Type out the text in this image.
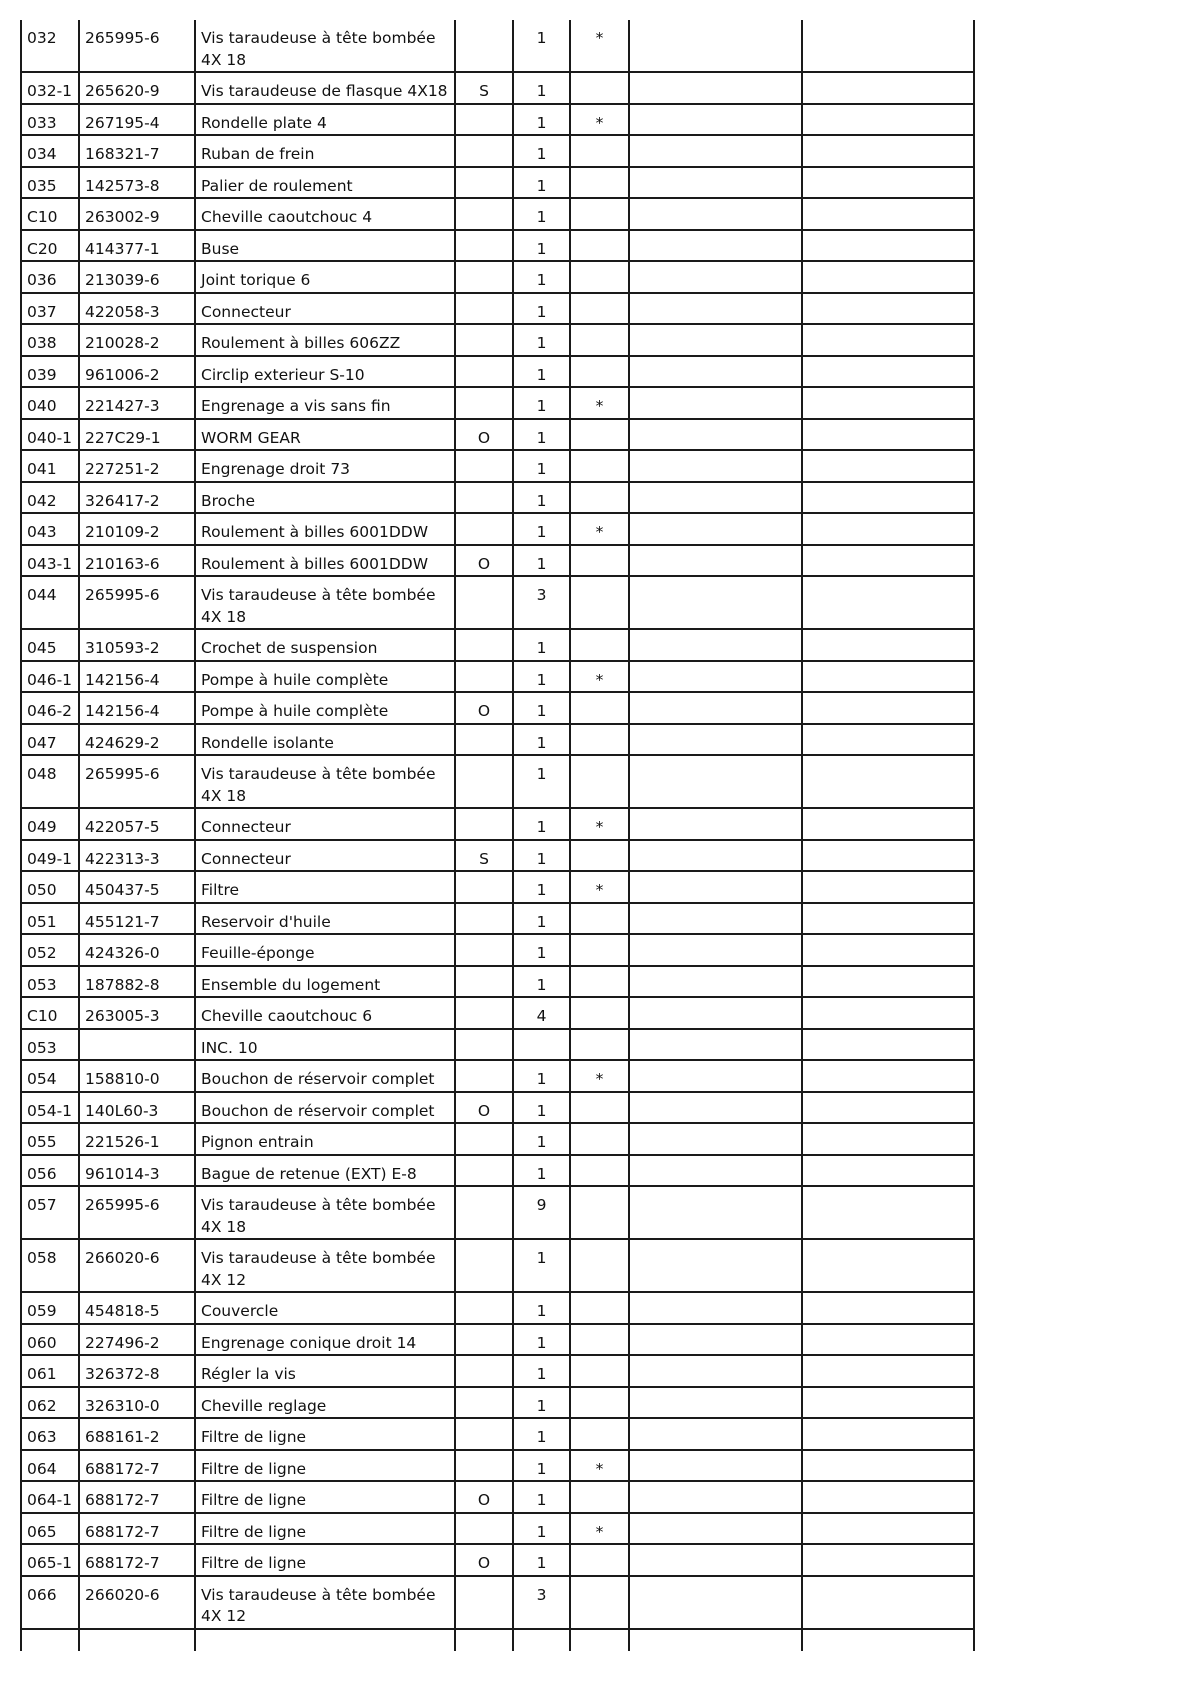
032	265995-6	Vis taraudeuse à tête bombée 4X 18		1	*		
032-1	265620-9	Vis taraudeuse de flasque 4X18	S	1			
033	267195-4	Rondelle plate 4		1	*		
034	168321-7	Ruban de frein		1			
035	142573-8	Palier de roulement		1			
C10	263002-9	Cheville caoutchouc 4		1			
C20	414377-1	Buse		1			
036	213039-6	Joint torique 6		1			
037	422058-3	Connecteur		1			
038	210028-2	Roulement à billes 606ZZ		1			
039	961006-2	Circlip exterieur S-10		1			
040	221427-3	Engrenage a vis sans fin		1	*		
040-1	227C29-1	WORM GEAR	O	1			
041	227251-2	Engrenage droit 73		1			
042	326417-2	Broche		1			
043	210109-2	Roulement à billes 6001DDW		1	*		
043-1	210163-6	Roulement à billes 6001DDW	O	1			
044	265995-6	Vis taraudeuse à tête bombée 4X 18		3			
045	310593-2	Crochet de suspension		1			
046-1	142156-4	Pompe à huile complète		1	*		
046-2	142156-4	Pompe à huile complète	O	1			
047	424629-2	Rondelle isolante		1			
048	265995-6	Vis taraudeuse à tête bombée 4X 18		1			
049	422057-5	Connecteur		1	*		
049-1	422313-3	Connecteur	S	1			
050	450437-5	Filtre		1	*		
051	455121-7	Reservoir d'huile		1			
052	424326-0	Feuille-éponge		1			
053	187882-8	Ensemble du logement		1			
C10	263005-3	Cheville caoutchouc 6		4			
053		INC. 10					
054	158810-0	Bouchon de réservoir complet		1	*		
054-1	140L60-3	Bouchon de réservoir complet	O	1			
055	221526-1	Pignon entrain		1			
056	961014-3	Bague de retenue (EXT) E-8		1			
057	265995-6	Vis taraudeuse à tête bombée 4X 18		9			
058	266020-6	Vis taraudeuse à tête bombée 4X 12		1			
059	454818-5	Couvercle		1			
060	227496-2	Engrenage conique droit 14		1			
061	326372-8	Régler la vis		1			
062	326310-0	Cheville reglage		1			
063	688161-2	Filtre de ligne		1			
064	688172-7	Filtre de ligne		1	*		
064-1	688172-7	Filtre de ligne	O	1			
065	688172-7	Filtre de ligne		1	*		
065-1	688172-7	Filtre de ligne	O	1			
066	266020-6	Vis taraudeuse à tête bombée 4X 12		3			
